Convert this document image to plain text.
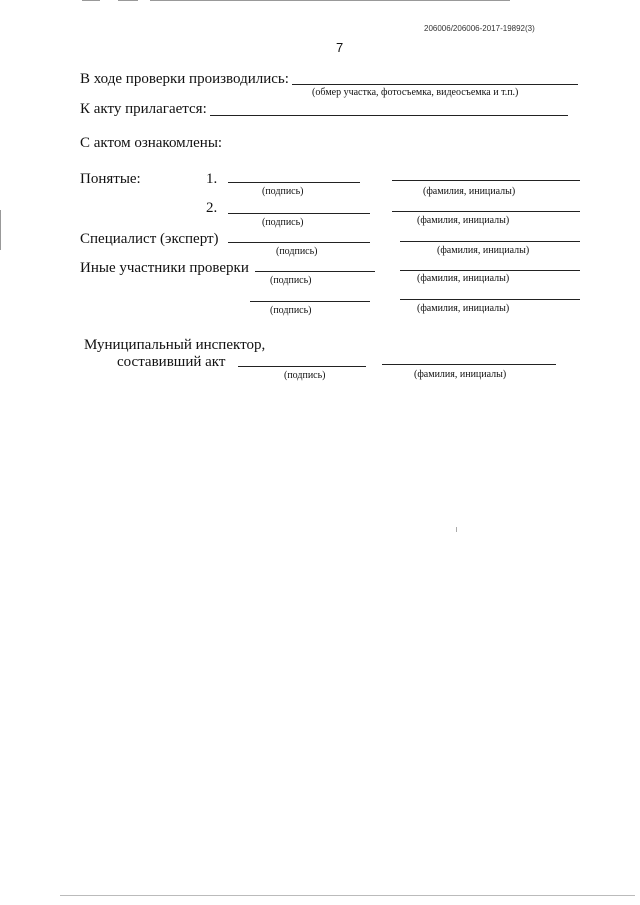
206006/206006-2017-19892(3)
7
В ходе проверки производились:
(обмер участка, фотосъемка, видеосъемка и т.п.)
К акту прилагается:
С актом ознакомлены:
Понятые:	1.
(подпись)	(фамилия, инициалы)
2.
(подпись)	(фамилия, инициалы)
Специалист (эксперт)
(подпись)	(фамилия, инициалы)
Иные участники проверки
(подпись)	(фамилия, инициалы)
(подпись)	(фамилия, инициалы)
Муниципальный инспектор,
составивший акт
(подпись)	(фамилия, инициалы)
